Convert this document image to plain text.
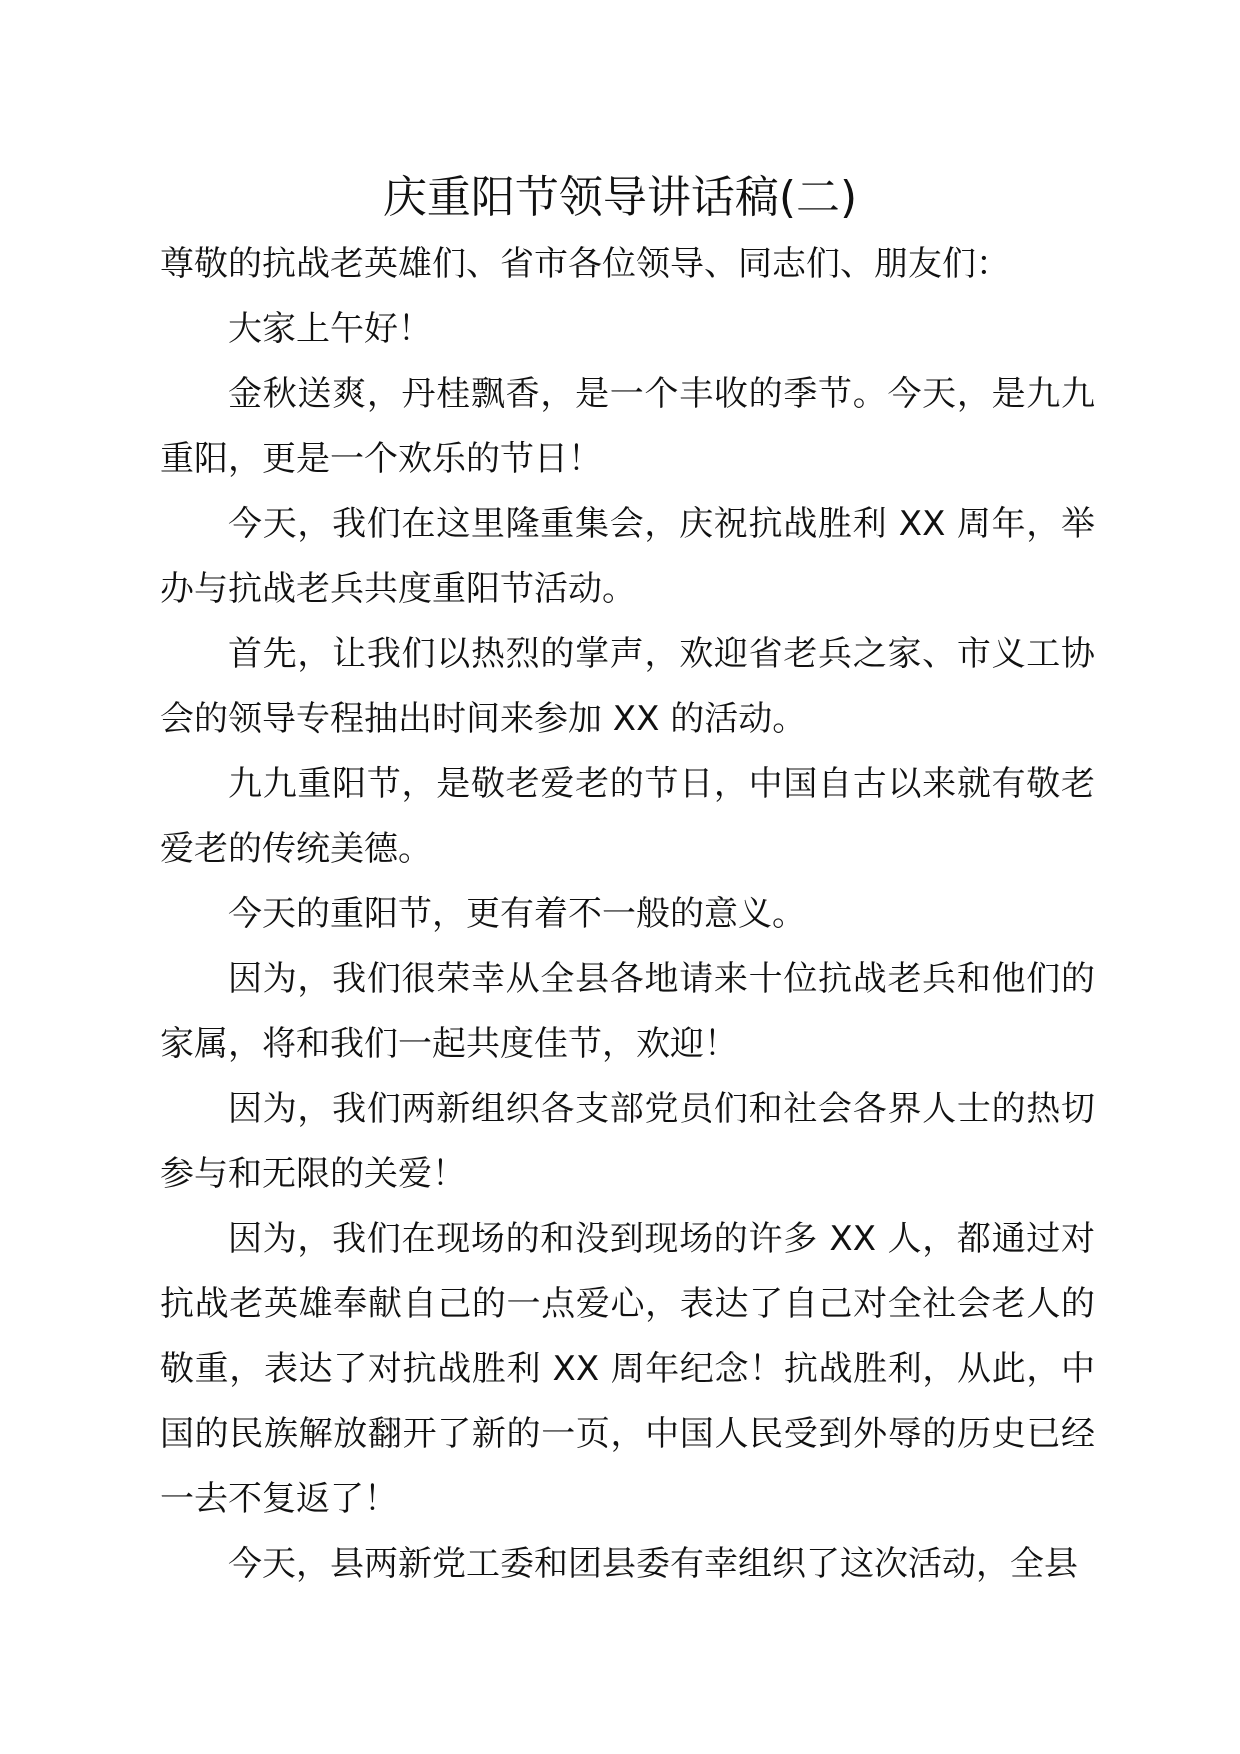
庆重阳节领导讲话稿(二)

尊敬的抗战老英雄们、省市各位领导、同志们、朋友们：

大家上午好！

金秋送爽，丹桂飘香，是一个丰收的季节。今天，是九九重阳，更是一个欢乐的节日！

今天，我们在这里隆重集会，庆祝抗战胜利 XX 周年，举办与抗战老兵共度重阳节活动。

首先，让我们以热烈的掌声，欢迎省老兵之家、市义工协会的领导专程抽出时间来参加 XX 的活动。

九九重阳节，是敬老爱老的节日，中国自古以来就有敬老爱老的传统美德。

今天的重阳节，更有着不一般的意义。

因为，我们很荣幸从全县各地请来十位抗战老兵和他们的家属，将和我们一起共度佳节，欢迎！

因为，我们两新组织各支部党员们和社会各界人士的热切参与和无限的关爱！

因为，我们在现场的和没到现场的许多 XX 人，都通过对抗战老英雄奉献自己的一点爱心，表达了自己对全社会老人的敬重，表达了对抗战胜利 XX 周年纪念！抗战胜利，从此，中国的民族解放翻开了新的一页，中国人民受到外辱的历史已经一去不复返了！

今天，县两新党工委和团县委有幸组织了这次活动，全县
